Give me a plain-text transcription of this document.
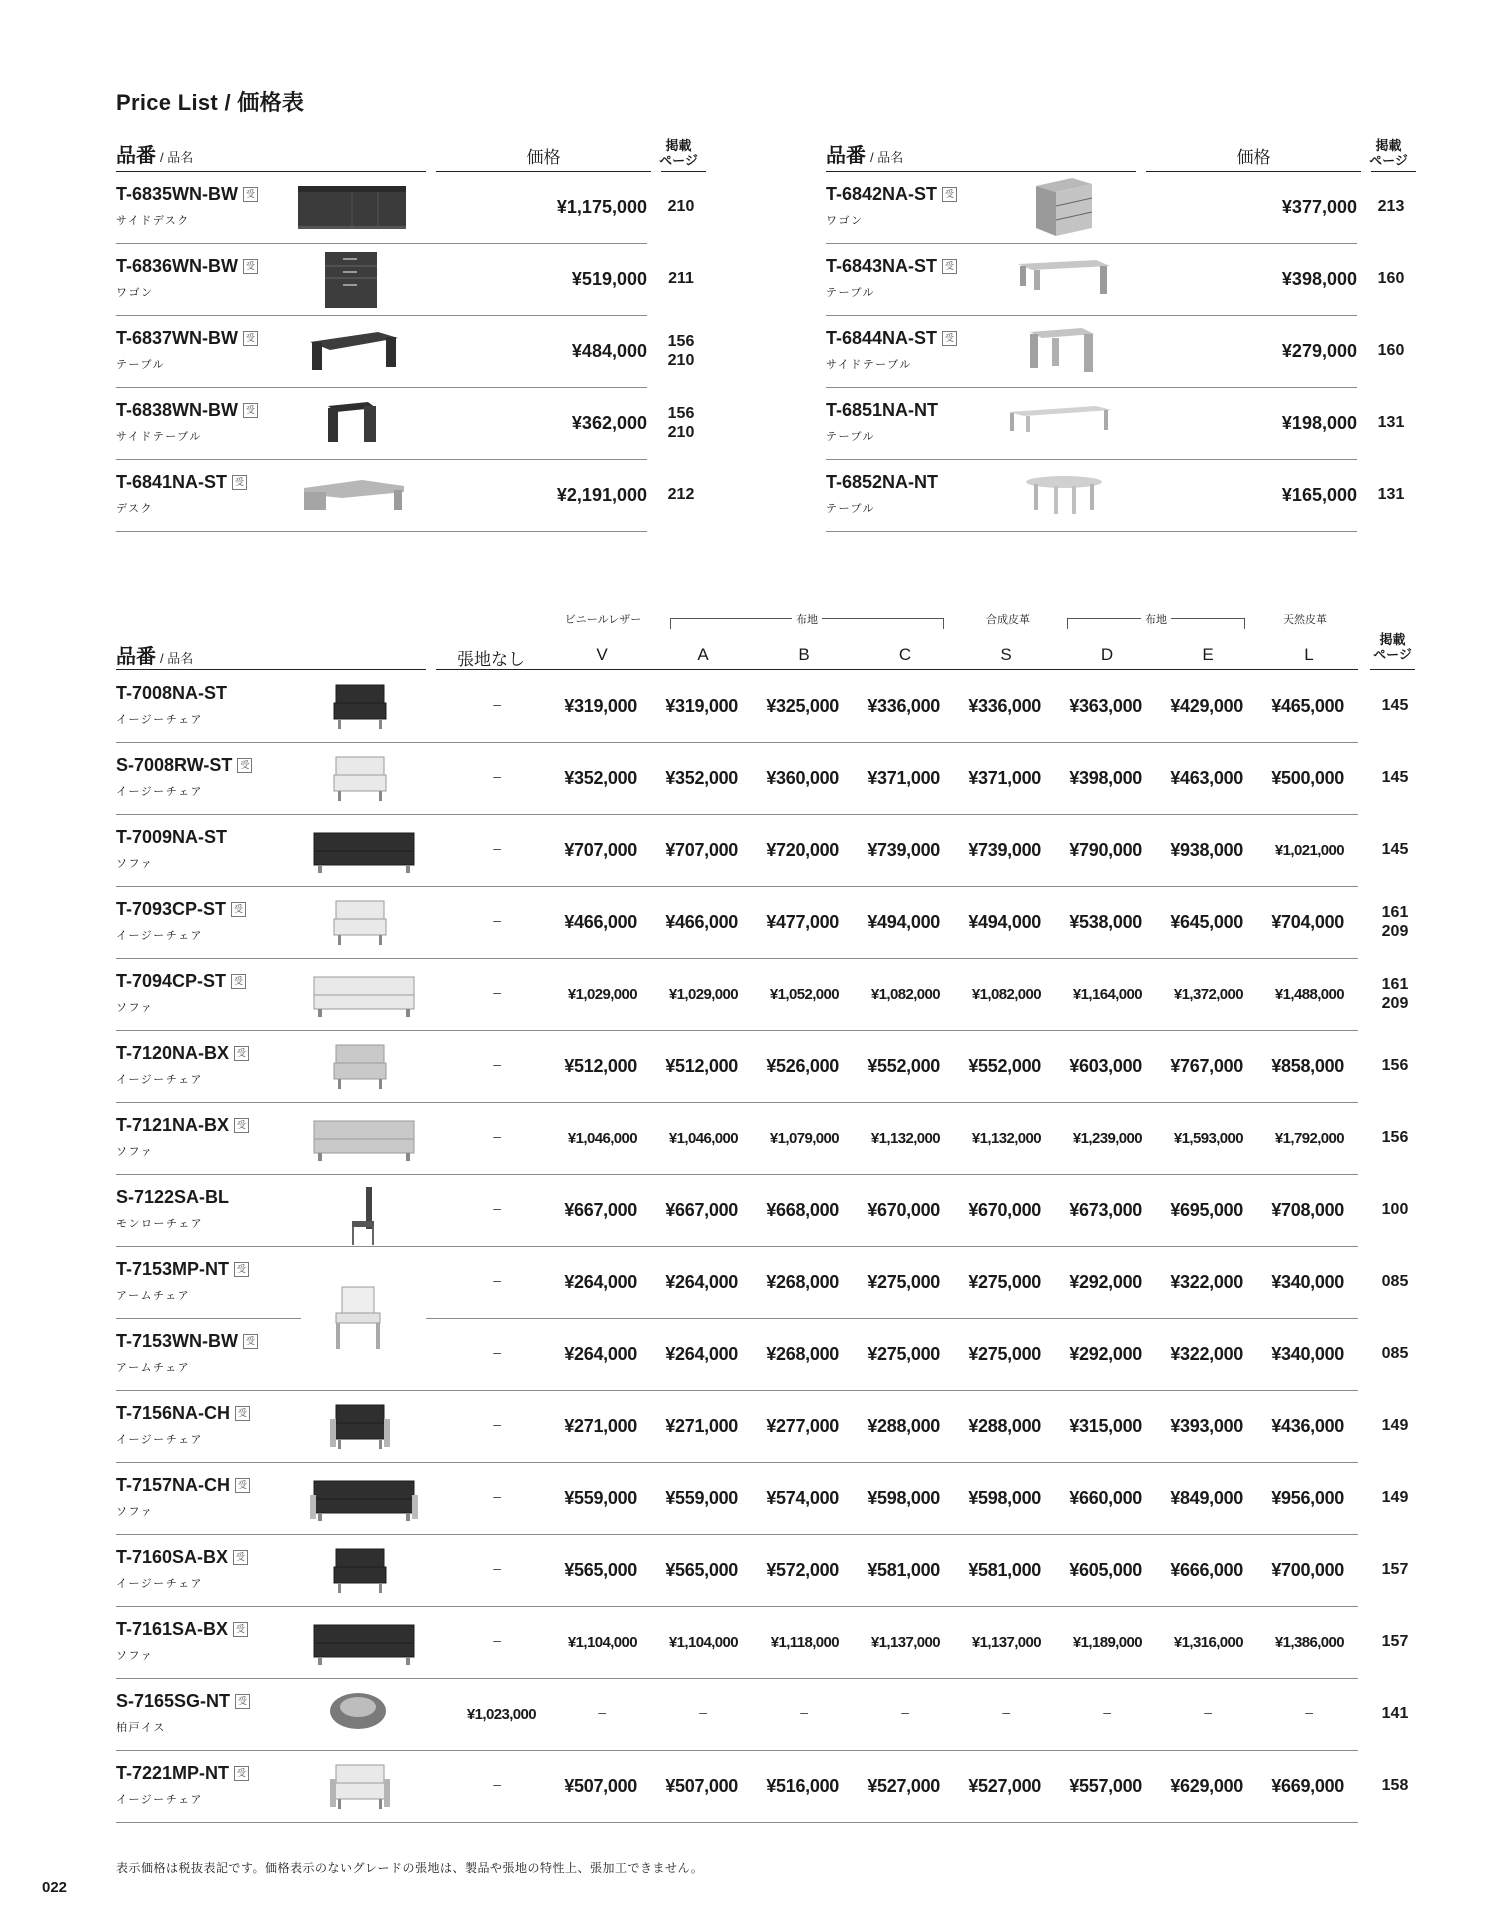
Price List / 価格表
品番 / 品名	価格
掲載
ページ
T-6835WN-BW 受
サイドデスク
¥1,175,000	210
T-6836WN-BW 受
ワゴン
¥519,000	211
T-6837WN-BW 受
テーブル
¥484,000	156
210
T-6838WN-BW 受
サイドテーブル
¥362,000	156
210
T-6841NA-ST 受
デスク
¥2,191,000	212
品番 / 品名	価格
掲載
ページ
T-6842NA-ST 受
ワゴン
¥377,000	213
T-6843NA-ST 受
テーブル
¥398,000	160
T-6844NA-ST 受
サイドテーブル
¥279,000	160
T-6851NA-NT
テーブル
¥198,000	131
T-6852NA-NT
テーブル
¥165,000	131
ビニールレザー	布地	合成皮革	布地	天然皮革
品番 / 品名	張地なし	V	A	B	C	S	D	E	L
掲載
ページ
T-7008NA-ST
イージーチェア
–	¥319,000 ¥319,000 ¥325,000 ¥336,000 ¥336,000 ¥363,000 ¥429,000 ¥465,000	145
S-7008RW-ST 受
イージーチェア
–	¥352,000 ¥352,000 ¥360,000 ¥371,000 ¥371,000 ¥398,000 ¥463,000 ¥500,000	145
T-7009NA-ST
ソファ
–	¥707,000 ¥707,000 ¥720,000 ¥739,000 ¥739,000 ¥790,000 ¥938,000 ¥1,021,000	145
T-7093CP-ST 受
イージーチェア
–	¥466,000 ¥466,000 ¥477,000 ¥494,000 ¥494,000 ¥538,000 ¥645,000 ¥704,000	161
209
T-7094CP-ST 受
ソファ
–	¥1,029,000 ¥1,029,000 ¥1,052,000 ¥1,082,000 ¥1,082,000 ¥1,164,000 ¥1,372,000 ¥1,488,000
161
209
T-7120NA-BX 受
イージーチェア
–	¥512,000 ¥512,000 ¥526,000 ¥552,000 ¥552,000 ¥603,000 ¥767,000 ¥858,000	156
T-7121NA-BX 受
ソファ
–	¥1,046,000 ¥1,046,000 ¥1,079,000 ¥1,132,000 ¥1,132,000 ¥1,239,000 ¥1,593,000 ¥1,792,000	156
S-7122SA-BL
モンローチェア
–	¥667,000 ¥667,000 ¥668,000 ¥670,000 ¥670,000 ¥673,000 ¥695,000 ¥708,000	100
T-7153MP-NT 受
アームチェア
–	¥264,000 ¥264,000 ¥268,000 ¥275,000 ¥275,000 ¥292,000 ¥322,000 ¥340,000	085
T-7153WN-BW 受
アームチェア
–	¥264,000 ¥264,000 ¥268,000 ¥275,000 ¥275,000 ¥292,000 ¥322,000 ¥340,000	085
T-7156NA-CH 受
イージーチェア
–	¥271,000 ¥271,000 ¥277,000 ¥288,000 ¥288,000 ¥315,000 ¥393,000 ¥436,000	149
T-7157NA-CH 受
ソファ
–	¥559,000 ¥559,000 ¥574,000 ¥598,000 ¥598,000 ¥660,000 ¥849,000 ¥956,000	149
T-7160SA-BX 受
イージーチェア
–	¥565,000 ¥565,000 ¥572,000 ¥581,000 ¥581,000 ¥605,000 ¥666,000 ¥700,000	157
T-7161SA-BX 受
ソファ
–	¥1,104,000 ¥1,104,000 ¥1,118,000 ¥1,137,000 ¥1,137,000 ¥1,189,000 ¥1,316,000 ¥1,386,000	157
S-7165SG-NT 受
柏戸イス
¥1,023,000	–	–	–	–	–	–	–	–	141
T-7221MP-NT 受
イージーチェア
–	¥507,000 ¥507,000 ¥516,000 ¥527,000 ¥527,000 ¥557,000 ¥629,000 ¥669,000	158
表示価格は税抜表記です。価格表示のないグレードの張地は、製品や張地の特性上、張加工できません。
022
